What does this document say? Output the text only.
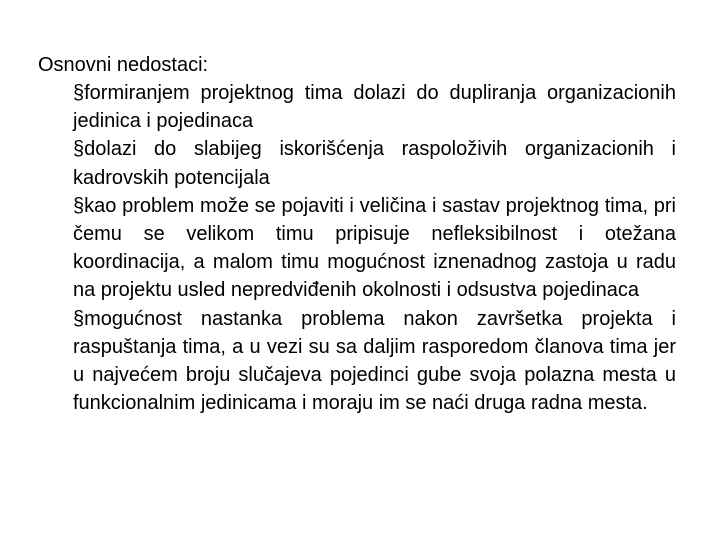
Osnovni nedostaci:
§formiranjem projektnog tima dolazi do dupliranja organizacionih jedinica i pojedinaca
§dolazi do slabijeg iskorišćenja raspoloživih organizacionih i kadrovskih potencijala
§kao problem može se pojaviti i veličina i sastav projektnog tima, pri čemu se velikom timu pripisuje nefleksibilnost i otežana koordinacija, a malom timu mogućnost iznenadnog zastoja u radu na projektu usled nepredviđenih okolnosti i odsustva pojedinaca
§mogućnost nastanka problema nakon završetka projekta i raspuštanja tima, a u vezi su sa daljim rasporedom članova tima jer u najvećem broju slučajeva pojedinci gube svoja polazna mesta u funkcionalnim jedinicama i moraju im se naći druga radna mesta.
